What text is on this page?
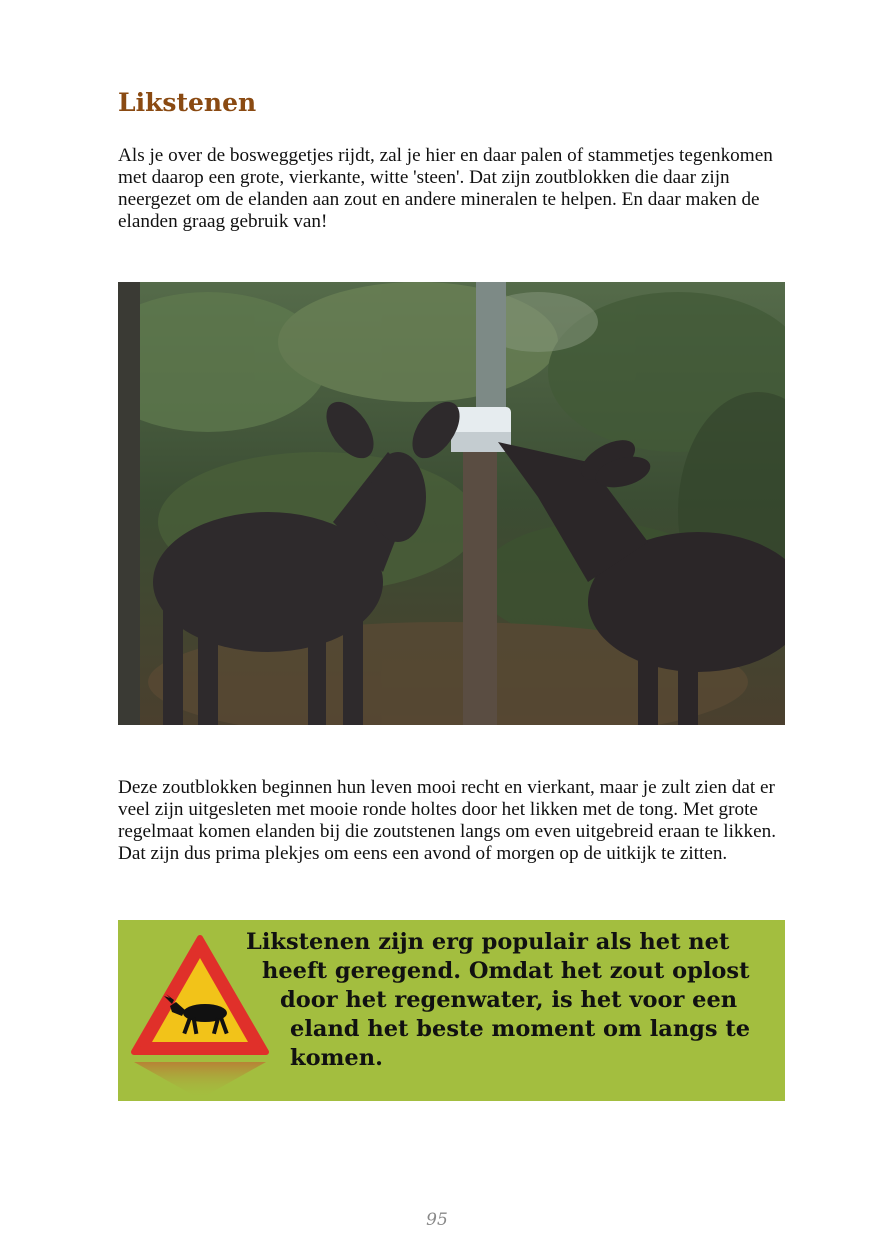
Likstenen

Als je over de bosweggetjes rijdt, zal je hier en daar palen of stammetjes tegenkomen met daarop een grote, vierkante, witte 'steen'. Dat zijn zoutblokken die daar zijn neergezet om de elanden aan zout en andere mineralen te helpen. En daar maken de elanden graag gebruik van!

Deze zoutblokken beginnen hun leven mooi recht en vierkant, maar je zult zien dat er veel zijn uitgesleten met mooie ronde holtes door het likken met de tong. Met grote regelmaat komen elanden bij die zoutstenen langs om even uitgebreid eraan te likken. Dat zijn dus prima plekjes om eens een avond of morgen op de uitkijk te zitten.

Likstenen zijn erg populair als het net
heeft geregend. Omdat het zout oplost
door het regenwater, is het voor een
eland het beste moment om langs te
komen.
95
